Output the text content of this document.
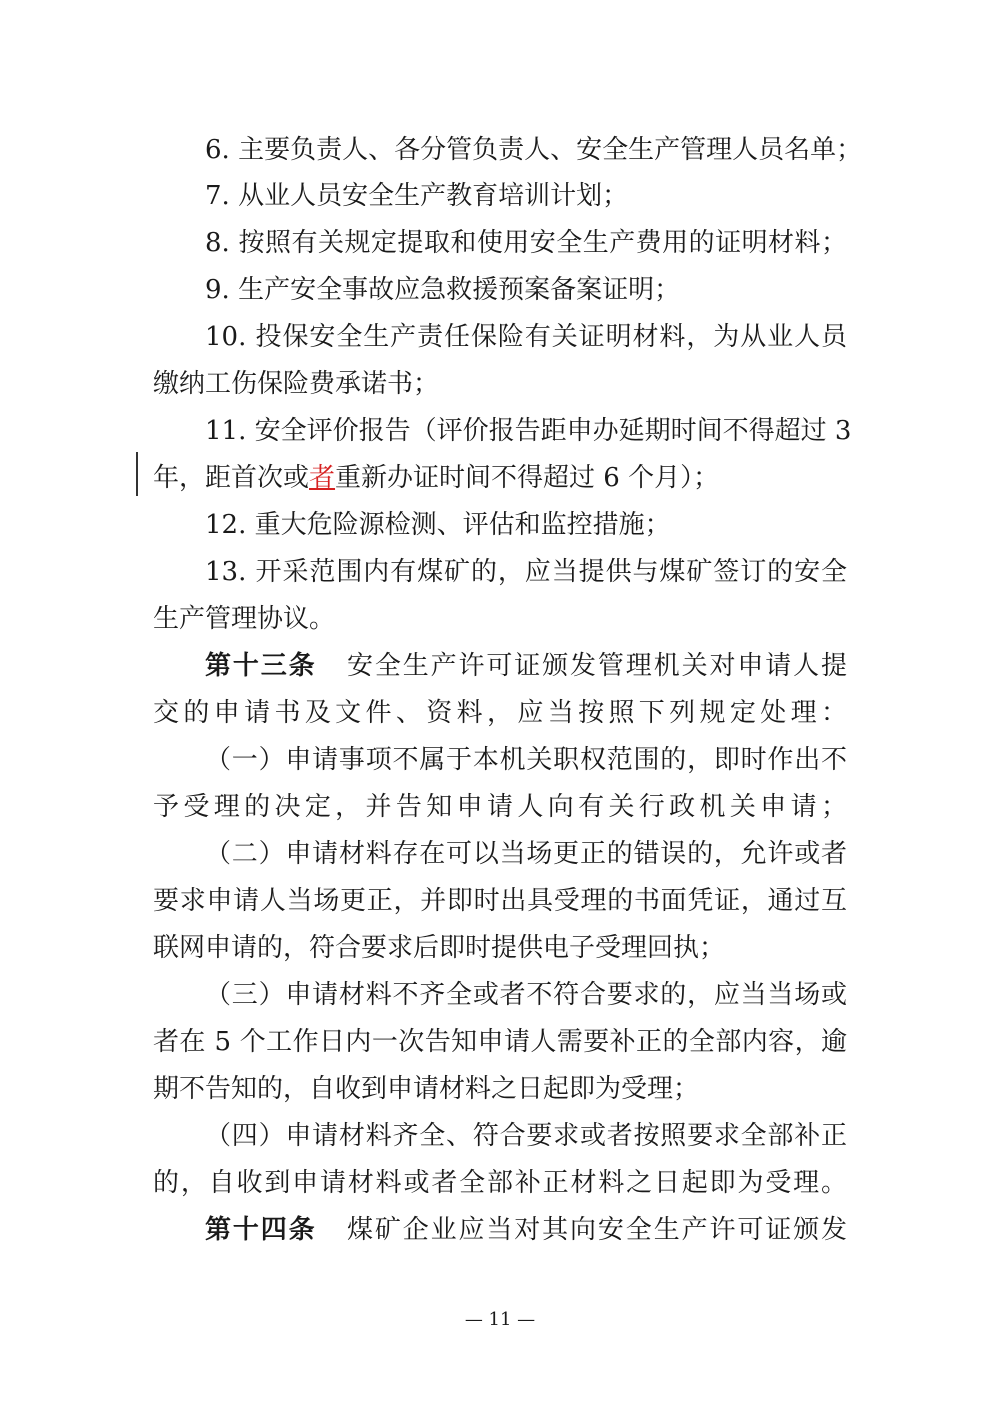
6. 主要负责人、各分管负责人、安全生产管理人员名单；
7. 从业人员安全生产教育培训计划；
8. 按照有关规定提取和使用安全生产费用的证明材料；
9. 生产安全事故应急救援预案备案证明；
10. 投保安全生产责任保险有关证明材料，为从业人员
缴纳工伤保险费承诺书；
11. 安全评价报告（评价报告距申办延期时间不得超过 3
年，距首次或者重新办证时间不得超过 6 个月）；
12. 重大危险源检测、评估和监控措施；
13. 开采范围内有煤矿的，应当提供与煤矿签订的安全
生产管理协议。
第十三条 安全生产许可证颁发管理机关对申请人提
交的申请书及文件、资料，应当按照下列规定处理：
（一）申请事项不属于本机关职权范围的，即时作出不
予受理的决定，并告知申请人向有关行政机关申请；
（二）申请材料存在可以当场更正的错误的，允许或者
要求申请人当场更正，并即时出具受理的书面凭证，通过互
联网申请的，符合要求后即时提供电子受理回执；
（三）申请材料不齐全或者不符合要求的，应当当场或
者在 5 个工作日内一次告知申请人需要补正的全部内容，逾
期不告知的，自收到申请材料之日起即为受理；
（四）申请材料齐全、符合要求或者按照要求全部补正
的，自收到申请材料或者全部补正材料之日起即为受理。
第十四条 煤矿企业应当对其向安全生产许可证颁发
— 11 —
